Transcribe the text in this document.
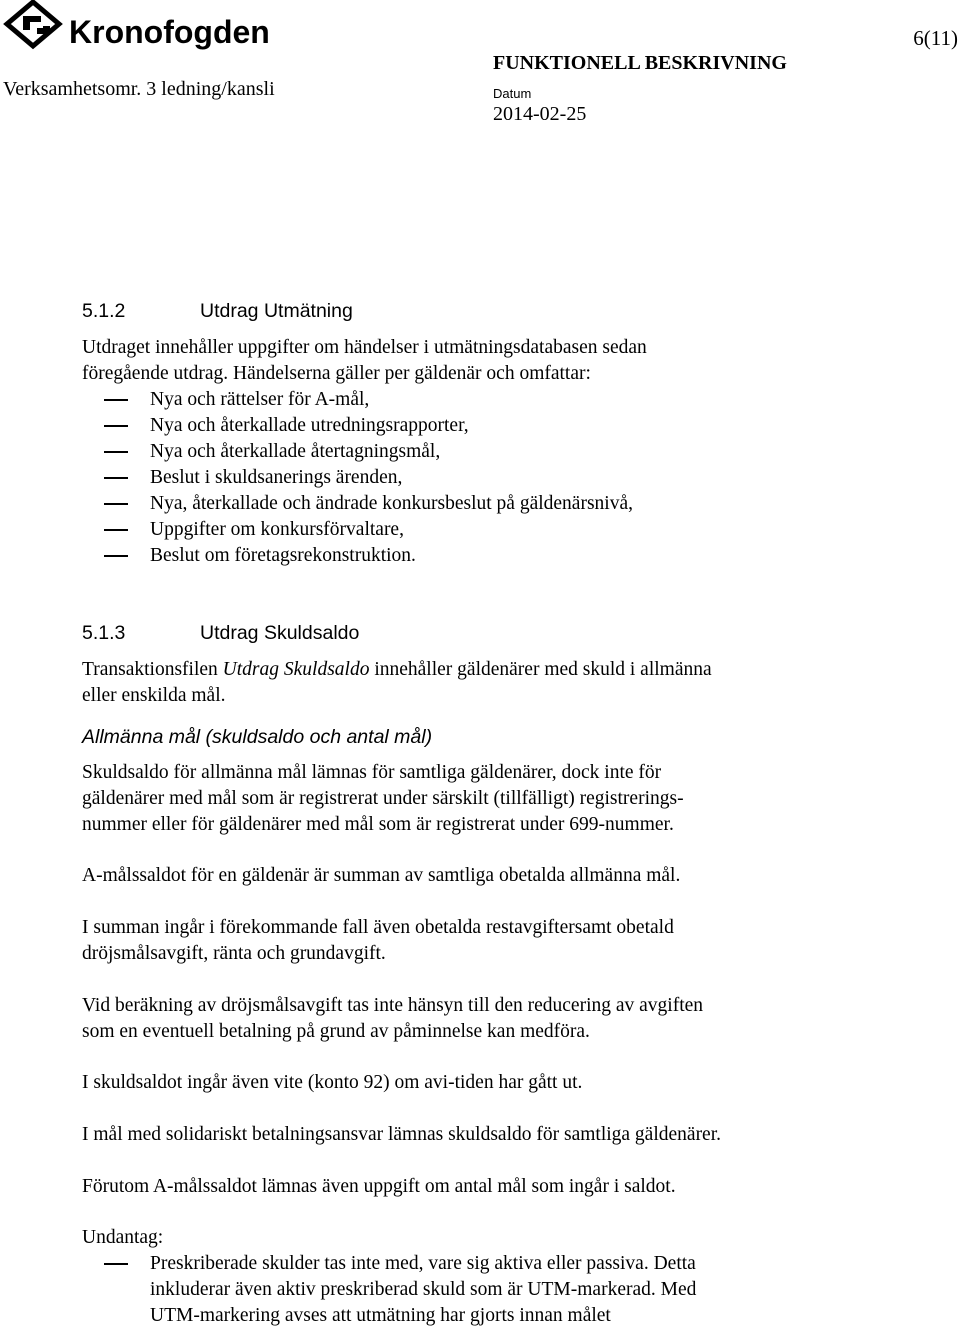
Kronofogden	6(11)
Verksamhetsomr. 3 ledning/kansli
FUNKTIONELL BESKRIVNING
Datum
2014-02-25
5.1.2	Utdrag Utmätning

Utdraget innehåller uppgifter om händelser i utmätningsdatabasen sedan

föregående utdrag. Händelserna gäller per gäldenär och omfattar:

Nya och rättelser för A-mål,
Nya och återkallade utredningsrapporter,
Nya och återkallade återtagningsmål,
Beslut i skuldsanerings ärenden,
Nya, återkallade och ändrade konkursbeslut på gäldenärsnivå,
Uppgifter om konkursförvaltare,
Beslut om företagsrekonstruktion.
5.1.3	Utdrag Skuldsaldo

Transaktionsfilen Utdrag Skuldsaldo innehåller gäldenärer med skuld i allmänna

eller enskilda mål.

Allmänna mål (skuldsaldo och antal mål)

Skuldsaldo för allmänna mål lämnas för samtliga gäldenärer, dock inte för

gäldenärer med mål som är registrerat under särskilt (tillfälligt) registrerings-

nummer eller för gäldenärer med mål som är registrerat under 699-nummer.

A-målssaldot för en gäldenär är summan av samtliga obetalda allmänna mål.

I summan ingår i förekommande fall även obetalda restavgiftersamt obetald

dröjsmålsavgift, ränta och grundavgift.

Vid beräkning av dröjsmålsavgift tas inte hänsyn till den reducering av avgiften

som en eventuell betalning på grund av påminnelse kan medföra.

I skuldsaldot ingår även vite (konto 92) om avi-tiden har gått ut.

I mål med solidariskt betalningsansvar lämnas skuldsaldo för samtliga gäldenärer.

Förutom A-målssaldot lämnas även uppgift om antal mål som ingår i saldot.

Undantag:

Preskriberade skulder tas inte med, vare sig aktiva eller passiva. Detta
inkluderar även aktiv preskriberad skuld som är UTM-markerad. Med
UTM-markering avses att utmätning har gjorts innan målet
